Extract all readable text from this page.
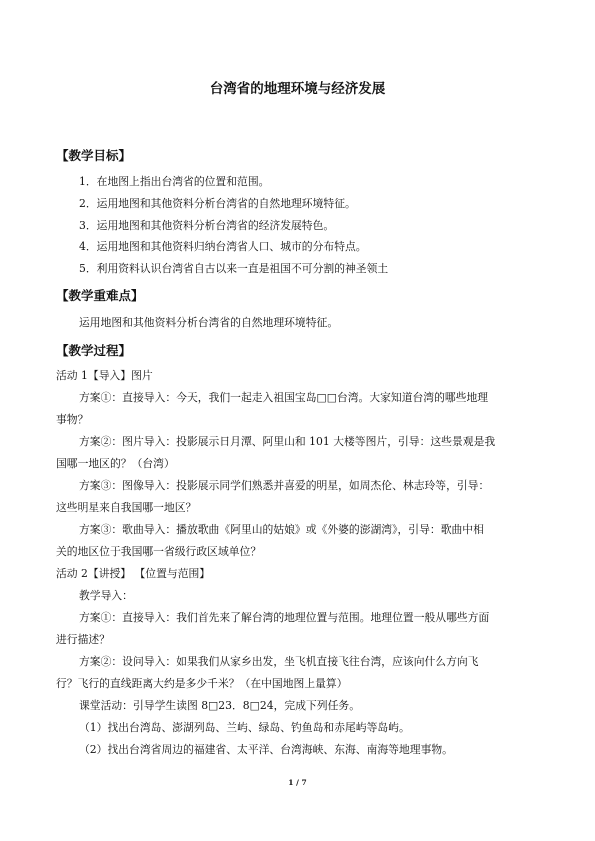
台湾省的地理环境与经济发展
【教学目标】
1．在地图上指出台湾省的位置和范围。
2．运用地图和其他资料分析台湾省的自然地理环境特征。
3．运用地图和其他资料分析台湾省的经济发展特色。
4．运用地图和其他资料归纳台湾省人口、城市的分布特点。
5．利用资料认识台湾省自古以来一直是祖国不可分割的神圣领土
【教学重难点】
运用地图和其他资料分析台湾省的自然地理环境特征。
【教学过程】
活动 1【导入】图片
方案①：直接导入：今天，我们一起走入祖国宝岛□□台湾。大家知道台湾的哪些地理
事物？
方案②：图片导入：投影展示日月潭、阿里山和 101 大楼等图片，引导：这些景观是我
国哪一地区的？（台湾）
方案③：图像导入：投影展示同学们熟悉并喜爱的明星，如周杰伦、林志玲等，引导：
这些明星来自我国哪一地区？
方案③：歌曲导入：播放歌曲《阿里山的姑娘》或《外婆的澎湖湾》，引导：歌曲中相
关的地区位于我国哪一省级行政区域单位？
活动 2【讲授】 【位置与范围】
教学导入：
方案①：直接导入：我们首先来了解台湾的地理位置与范围。地理位置一般从哪些方面
进行描述？
方案②：设问导入：如果我们从家乡出发，坐飞机直接飞往台湾，应该向什么方向飞
行？飞行的直线距离大约是多少千米？（在中国地图上量算）
课堂活动：引导学生读图 8□23．8□24，完成下列任务。
（1）找出台湾岛、澎湖列岛、兰屿、绿岛、钓鱼岛和赤尾屿等岛屿。
（2）找出台湾省周边的福建省、太平洋、台湾海峡、东海、南海等地理事物。
1 / 7
